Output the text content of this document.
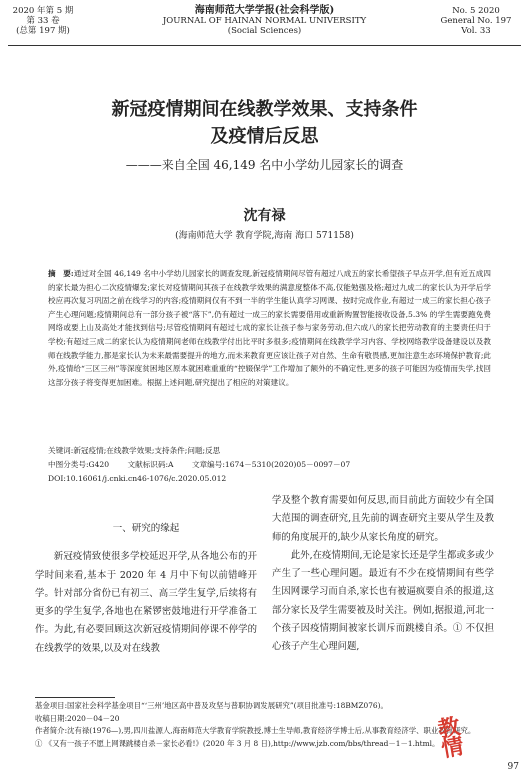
2020 年第 5 期
第 33 卷
(总第 197 期)
海南师范大学学报(社会科学版)
JOURNAL OF HAINAN NORMAL UNIVERSITY
(Social Sciences)
No. 5 2020
General No. 197
Vol. 33
新冠疫情期间在线教学效果、支持条件
及疫情后反思
———来自全国 46,149 名中小学幼儿园家长的调查
沈有禄
(海南师范大学 教育学院,海南 海口 571158)
摘　要:通过对全国 46,149 名中小学幼儿园家长的调查发现,新冠疫情期间尽管有超过八成五的家长希望孩子早点开学,但有近五成四的家长最为担心二次疫情爆发;家长对疫情期间其孩子在线教学效果的满意度整体不高,仅能勉强及格;超过九成二的家长认为开学后学校应再次复习巩固之前在线学习的内容;疫情期间仅有不到一半的学生能认真学习网课、按时完成作业,有超过一成三的家长担心孩子产生心理问题;疫情期间总有一部分孩子被“落下”,仍有超过一成三的家长需要借用或重新购置智能接收设备,5.3% 的学生需要跑免费网络或要上山及高处才能找到信号;尽管疫情期间有超过七成的家长让孩子参与家务劳动,但六成八的家长把劳动教育的主要责任归于学校;有超过三成二的家长认为疫情期间老师在线教学付出比平时多很多;疫情期间在线教学学习内容、学校网络教学设备建设以及教师在线教学能力,都是家长认为未来最需要提升的地方,而未来教育更应该让孩子对自然、生命有敬畏感,更加注意生态环境保护教育;此外,疫情给“三区三州”等深度贫困地区原本就困难重重的“控辍保学”工作增加了额外的不确定性,更多的孩子可能因为疫情而失学,找回这部分孩子将变得更加困难。根据上述问题,研究提出了相应的对策建议。
关键词:新冠疫情;在线教学效果;支持条件;问题;反思
中图分类号:G420 文献标识码:A 文章编号:1674－5310(2020)05－0097－07
DOI:10.16061/j.cnki.cn46-1076/c.2020.05.012
一、研究的缘起

新冠疫情致使很多学校延迟开学,从各地公布的开学时间来看,基本于 2020 年 4 月中下旬以前错峰开学。针对部分省份已有初三、高三学生复学,后续将有更多的学生复学,各地也在紧锣密鼓地进行开学准备工作。为此,有必要回顾这次新冠疫情期间停课不停学的在线教学的效果,以及对在线教

学及整个教育需要如何反思,而目前此方面较少有全国大范围的调查研究,且先前的调查研究主要从学生及教师的角度展开的,缺少从家长角度的研究。

此外,在疫情期间,无论是家长还是学生都或多或少产生了一些心理问题。最近有不少在疫情期间有些学生因网课学习而自杀,家长也有被逼疯要自杀的报道,这部分家长及学生需要被及时关注。例如,据报道,河北一个孩子因疫情期间被家长训斥而跳楼自杀。① 不仅担心孩子产生心理问题,

基金项目:国家社会科学基金项目“‘三州’地区高中普及攻坚与普职协调发展研究”(项目批准号:18BMZ076)。
收稿日期:2020－04－20
作者简介:沈有禄(1976—),男,四川盐源人,海南师范大学教育学院教授,博士生导师,教育经济学博士后,从事教育经济学、职业教育研究。
① 《又有一孩子不愿上网课跳楼自杀－家长必看!》(2020 年 3 月 8 日),http://www.jzb.com/bbs/thread－1－1.html。
教情
97
